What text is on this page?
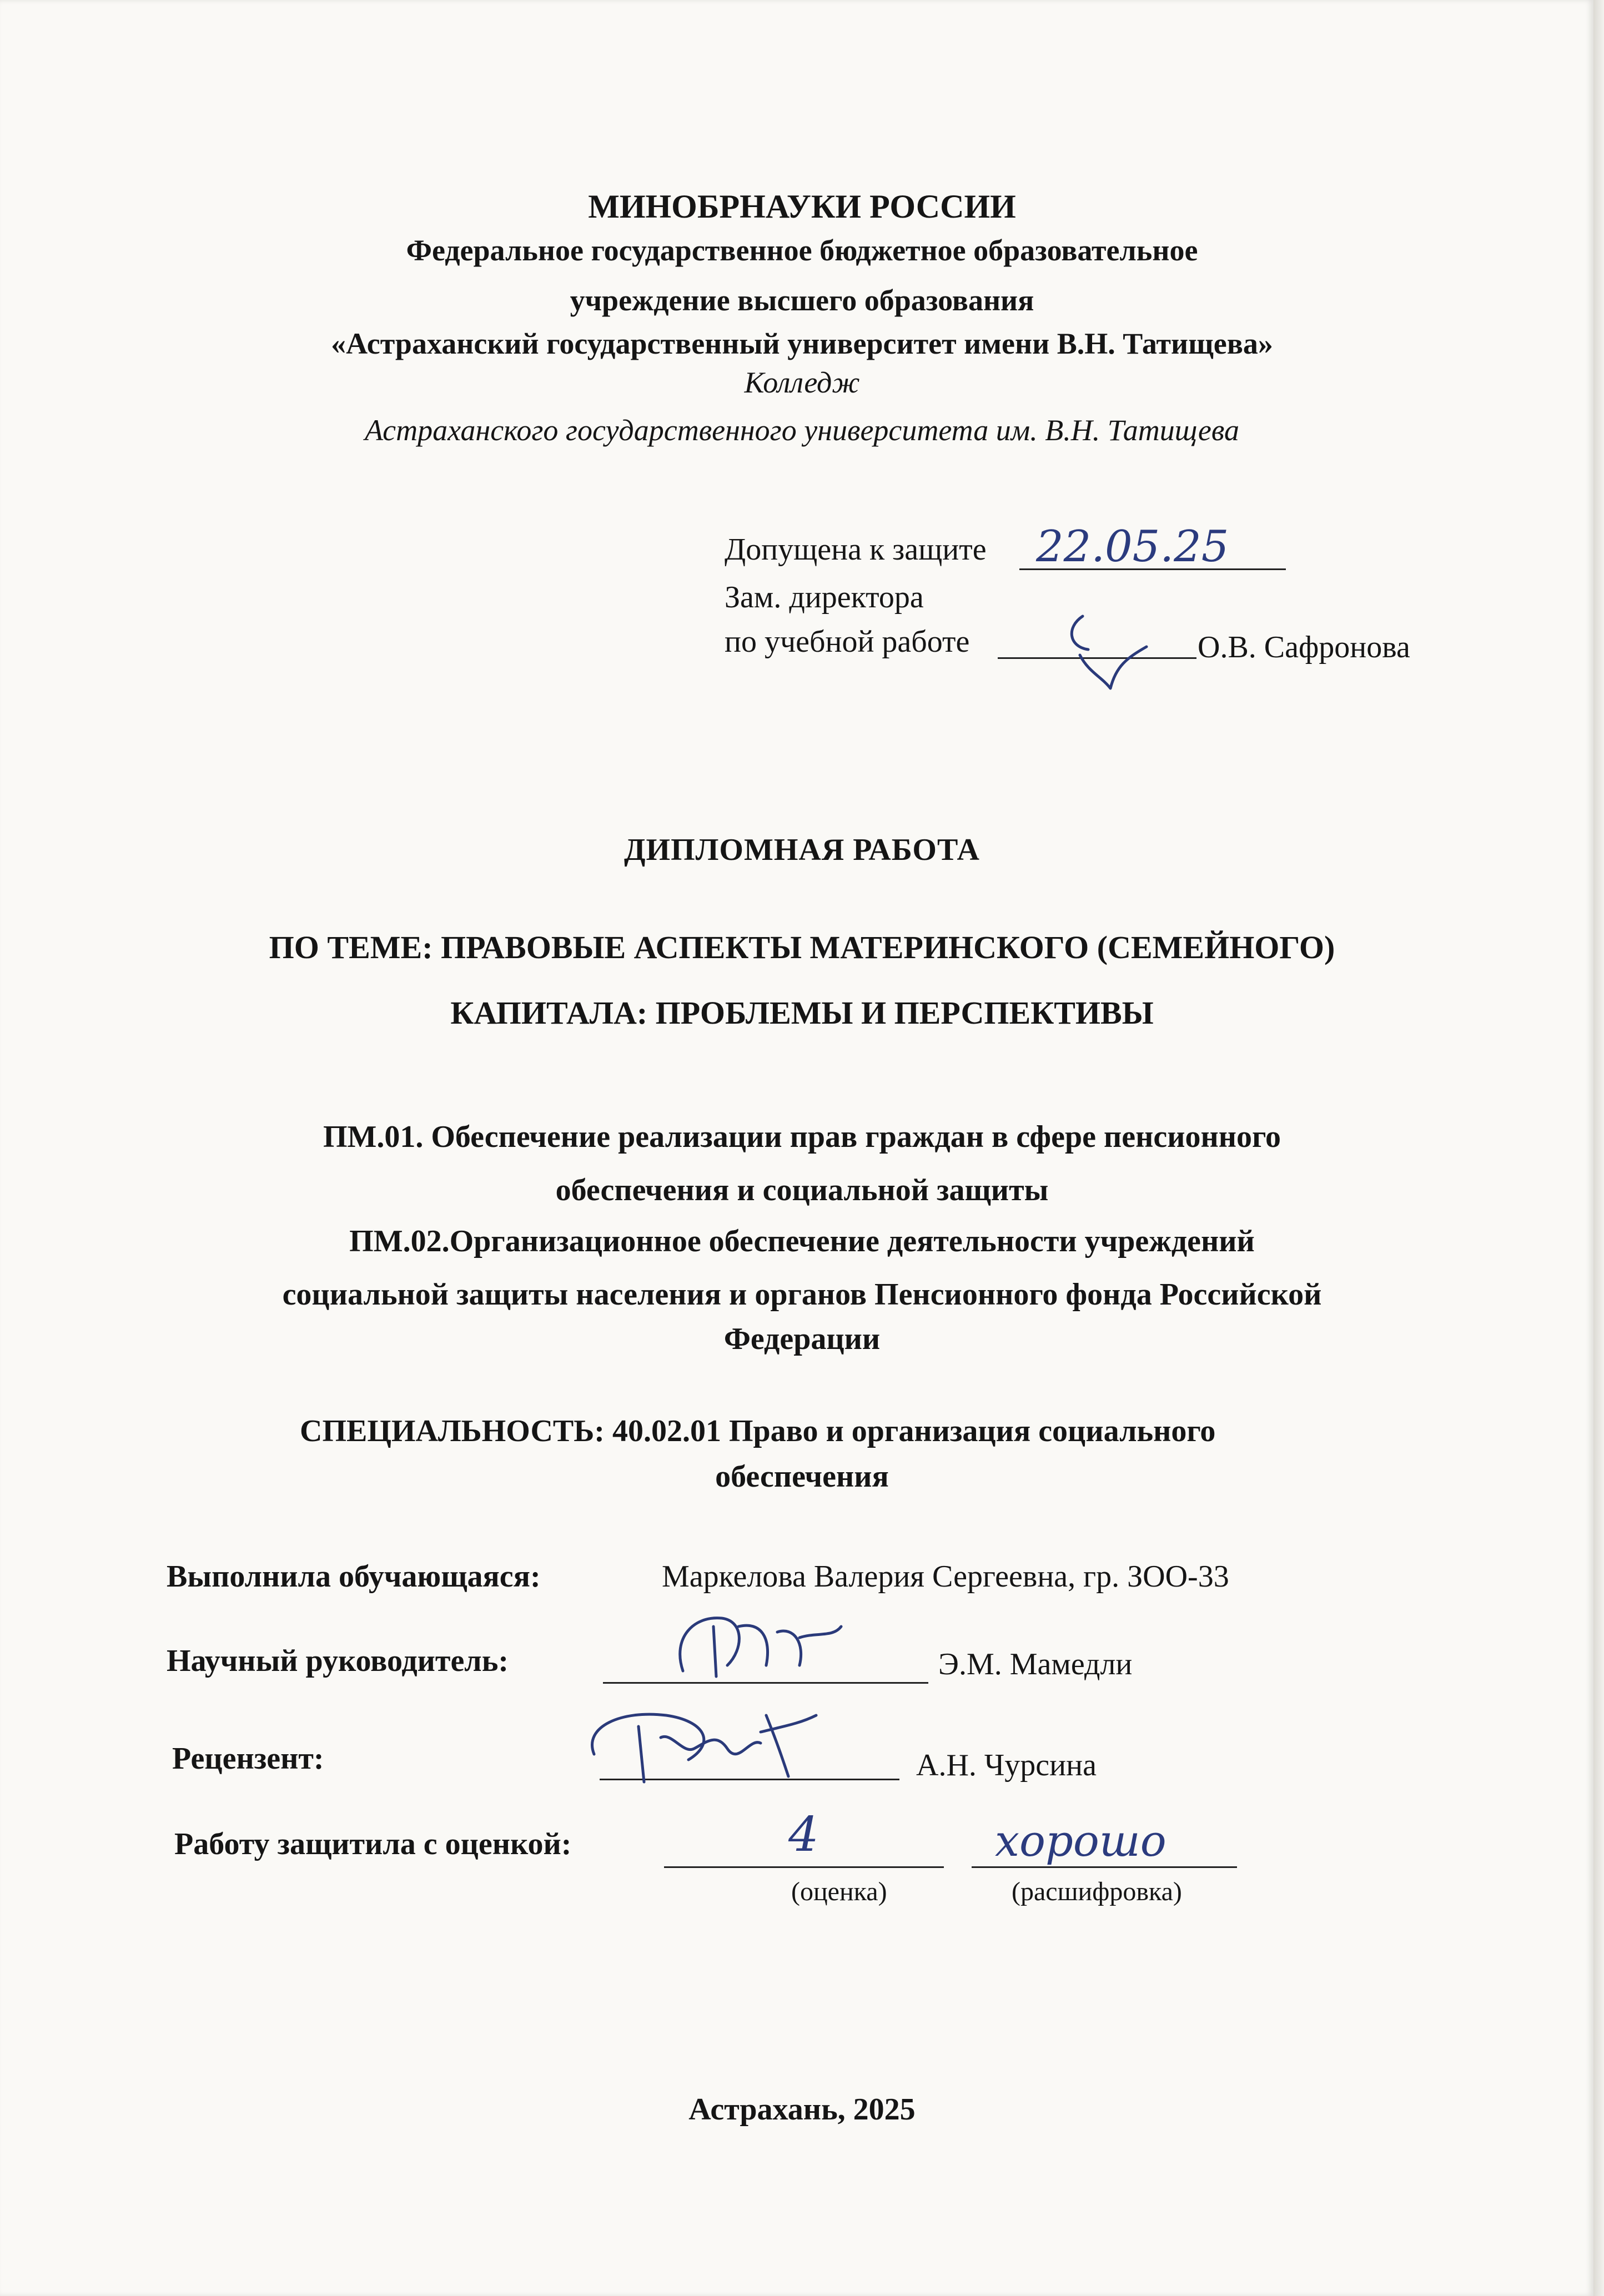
МИНОБРНАУКИ РОССИИ
Федеральное государственное бюджетное образовательное
учреждение высшего образования
«Астраханский государственный университет имени В.Н. Татищева»
Колледж
Астраханского государственного университета им. В.Н. Татищева
Допущена к защите 22.05.25
Зам. директора
по учебной работе	О.В. Сафронова
ДИПЛОМНАЯ РАБОТА
ПО ТЕМЕ: ПРАВОВЫЕ АСПЕКТЫ МАТЕРИНСКОГО (СЕМЕЙНОГО)
КАПИТАЛА: ПРОБЛЕМЫ И ПЕРСПЕКТИВЫ
ПМ.01. Обеспечение реализации прав граждан в сфере пенсионного
обеспечения и социальной защиты
ПМ.02.Организационное обеспечение деятельности учреждений
социальной защиты населения и органов Пенсионного фонда Российской
Федерации
СПЕЦИАЛЬНОСТЬ: 40.02.01 Право и организация социального
обеспечения
Выполнила обучающаяся:	Маркелова Валерия Сергеевна, гр. ЗОО-33
Научный руководитель:	Э.М. Мамедли
Рецензент:	А.Н. Чурсина
Работу защитила с оценкой:	4	хорошо
(оценка)	(расшифровка)
Астрахань, 2025
